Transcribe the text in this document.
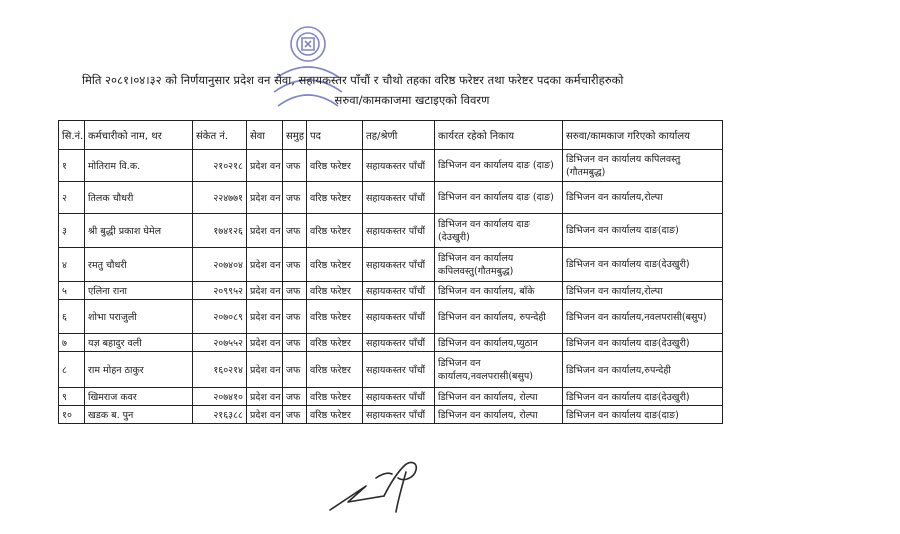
मिति २०८१।०४।३२ को निर्णयानुसार प्रदेश वन सेवा, सहायकस्तर पाँचौं र चौथो तहका वरिष्ठ फरेष्टर तथा फरेष्टर पदका कर्मचारीहरुको
सरुवा/कामकाजमा खटाइएको विवरण
सि.नं.	कर्मचारीको नाम, थर	संकेत नं.	सेवा	समुह	पद	तह/श्रेणी	कार्यरत रहेको निकाय	सरुवा/कामकाज गरिएको कार्यालय
१	मोतिराम वि.क.	२१०२१८	प्रदेश वन	जफ	वरिष्ठ फरेष्टर	सहायकस्तर पाँचौं	डिभिजन वन कार्यालय दाङ (दाङ)	डिभिजन वन कार्यालय कपिलवस्तु (गौतमबुद्ध)
२	तिलक चौधरी	२२४७७१	प्रदेश वन	जफ	वरिष्ठ फरेष्टर	सहायकस्तर पाँचौं	डिभिजन वन कार्यालय दाङ (दाङ)	डिभिजन वन कार्यालय,रोल्पा
३	श्री बुद्धी प्रकाश घेमेल	१७४१२६	प्रदेश वन	जफ	वरिष्ठ फरेष्टर	सहायकस्तर पाँचौं	डिभिजन वन कार्यालय दाङ (देउखुरी)	डिभिजन वन कार्यालय दाङ(दाङ)
४	रमतु चौधरी	२०७४०४	प्रदेश वन	जफ	वरिष्ठ फरेष्टर	सहायकस्तर पाँचौं	डिभिजन वन कार्यालय कपिलवस्तु(गौतमबुद्ध)	डिभिजन वन कार्यालय दाङ(देउखुरी)
५	एलिना राना	२०९९५२	प्रदेश वन	जफ	वरिष्ठ फरेष्टर	सहायकस्तर पाँचौं	डिभिजन वन कार्यालय, बाँके	डिभिजन वन कार्यालय,रोल्पा
६	शोभा पराजुली	२०७०८९	प्रदेश वन	जफ	वरिष्ठ फरेष्टर	सहायकस्तर पाँचौं	डिभिजन वन कार्यालय, रुपन्देही	डिभिजन वन कार्यालय,नवलपरासी(बसुप)
७	यज्ञ बहादुर वली	२०७५५२	प्रदेश वन	जफ	वरिष्ठ फरेष्टर	सहायकस्तर पाँचौं	डिभिजन वन कार्यालय,प्युठान	डिभिजन वन कार्यालय दाङ(देउखुरी)
८	राम मोहन ठाकुर	१६०२१४	प्रदेश वन	जफ	वरिष्ठ फरेष्टर	सहायकस्तर पाँचौं	डिभिजन वन कार्यालय,नवलपरासी(बसुप)	डिभिजन वन कार्यालय,रुपन्देही
९	खिमराज कवर	२०७४१०	प्रदेश वन	जफ	वरिष्ठ फरेष्टर	सहायकस्तर पाँचौं	डिभिजन वन कार्यालय, रोल्पा	डिभिजन वन कार्यालय दाङ(देउखुरी)
१०	खडक ब. पुन	२१६३८८	प्रदेश वन	जफ	वरिष्ठ फरेष्टर	सहायकस्तर पाँचौं	डिभिजन वन कार्यालय, रोल्पा	डिभिजन वन कार्यालय दाङ(दाङ)
